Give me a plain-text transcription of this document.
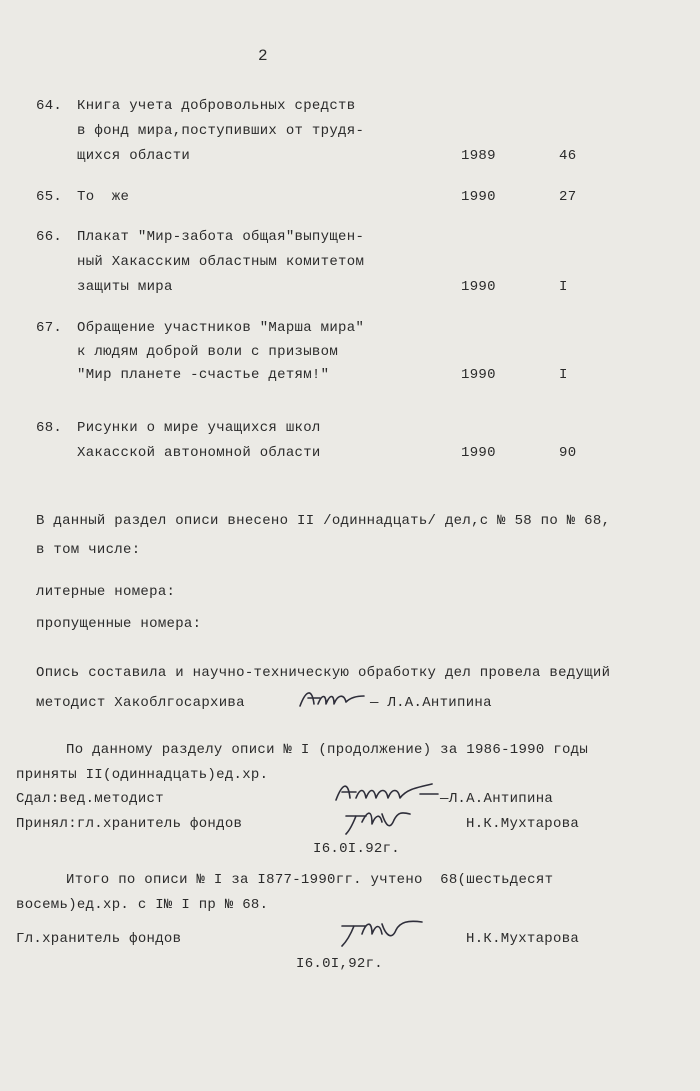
2
64. Книга учета добровольных средств
в фонд мира,поступивших от трудя-
щихся области	1989	46
65. То  же	1990	27
66. Плакат "Мир-забота общая"выпущен-
ный Хакасским областным комитетом
защиты мира	1990	I
67. Обращение участников "Марша мира"
к людям доброй воли с призывом
"Мир планете -счастье детям!"	1990	I
68. Рисунки о мире учащихся школ
Хакасской автономной области	1990	90
В данный раздел описи внесено II /одиннадцать/ дел,с № 58 по № 68,
в том числе:
литерные номера:
пропущенные номера:
Опись составила и научно-техническую обработку дел провела ведущий
методист Хакоблгосархива	— Л.А.Антипина
По данному разделу описи № I (продолжение) за 1986-1990 годы
приняты II(одиннадцать)ед.хр.
Сдал:вед.методист	—Л.А.Антипина
Принял:гл.хранитель фондов	Н.К.Мухтарова
I6.0I.92г.
Итого по описи № I за I877-1990гг. учтено  68(шестьдесят
восемь)ед.хр. с I№ I пр № 68.
Гл.хранитель фондов	Н.К.Мухтарова
I6.0I,92г.
